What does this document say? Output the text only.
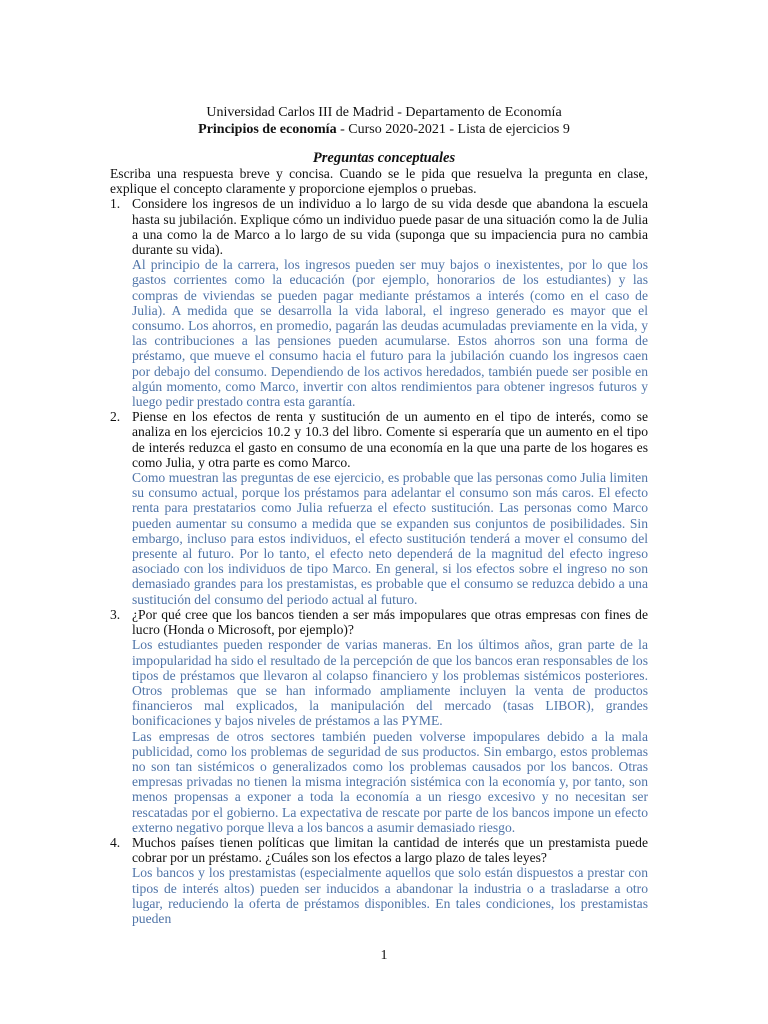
Universidad Carlos III de Madrid - Departamento de Economía
Principios de economía - Curso 2020-2021 - Lista de ejercicios 9
Preguntas conceptuales

Escriba una respuesta breve y concisa. Cuando se le pida que resuelva la pregunta en clase, explique el concepto claramente y proporcione ejemplos o pruebas.

1. Considere los ingresos de un individuo a lo largo de su vida desde que abandona la escuela hasta su jubilación. Explique cómo un individuo puede pasar de una situación como la de Julia a una como la de Marco a lo largo de su vida (suponga que su impaciencia pura no cambia durante su vida).

Al principio de la carrera, los ingresos pueden ser muy bajos o inexistentes, por lo que los gastos corrientes como la educación (por ejemplo, honorarios de los estudiantes) y las compras de viviendas se pueden pagar mediante préstamos a interés (como en el caso de Julia). A medida que se desarrolla la vida laboral, el ingreso generado es mayor que el consumo. Los ahorros, en promedio, pagarán las deudas acumuladas previamente en la vida, y las contribuciones a las pensiones pueden acumularse. Estos ahorros son una forma de préstamo, que mueve el consumo hacia el futuro para la jubilación cuando los ingresos caen por debajo del consumo. Dependiendo de los activos heredados, también puede ser posible en algún momento, como Marco, invertir con altos rendimientos para obtener ingresos futuros y luego pedir prestado contra esta garantía.

2. Piense en los efectos de renta y sustitución de un aumento en el tipo de interés, como se analiza en los ejercicios 10.2 y 10.3 del libro. Comente si esperaría que un aumento en el tipo de interés reduzca el gasto en consumo de una economía en la que una parte de los hogares es como Julia, y otra parte es como Marco.

Como muestran las preguntas de ese ejercicio, es probable que las personas como Julia limiten su consumo actual, porque los préstamos para adelantar el consumo son más caros. El efecto renta para prestatarios como Julia refuerza el efecto sustitución. Las personas como Marco pueden aumentar su consumo a medida que se expanden sus conjuntos de posibilidades. Sin embargo, incluso para estos individuos, el efecto sustitución tenderá a mover el consumo del presente al futuro. Por lo tanto, el efecto neto dependerá de la magnitud del efecto ingreso asociado con los individuos de tipo Marco. En general, si los efectos sobre el ingreso no son demasiado grandes para los prestamistas, es probable que el consumo se reduzca debido a una sustitución del consumo del periodo actual al futuro.

3. ¿Por qué cree que los bancos tienden a ser más impopulares que otras empresas con fines de lucro (Honda o Microsoft, por ejemplo)?

Los estudiantes pueden responder de varias maneras. En los últimos años, gran parte de la impopularidad ha sido el resultado de la percepción de que los bancos eran responsables de los tipos de préstamos que llevaron al colapso financiero y los problemas sistémicos posteriores. Otros problemas que se han informado ampliamente incluyen la venta de productos financieros mal explicados, la manipulación del mercado (tasas LIBOR), grandes bonificaciones y bajos niveles de préstamos a las PYME.

Las empresas de otros sectores también pueden volverse impopulares debido a la mala publicidad, como los problemas de seguridad de sus productos. Sin embargo, estos problemas no son tan sistémicos o generalizados como los problemas causados por los bancos. Otras empresas privadas no tienen la misma integración sistémica con la economía y, por tanto, son menos propensas a exponer a toda la economía a un riesgo excesivo y no necesitan ser rescatadas por el gobierno. La expectativa de rescate por parte de los bancos impone un efecto externo negativo porque lleva a los bancos a asumir demasiado riesgo.

4. Muchos países tienen políticas que limitan la cantidad de interés que un prestamista puede cobrar por un préstamo. ¿Cuáles son los efectos a largo plazo de tales leyes?

Los bancos y los prestamistas (especialmente aquellos que solo están dispuestos a prestar con tipos de interés altos) pueden ser inducidos a abandonar la industria o a trasladarse a otro lugar, reduciendo la oferta de préstamos disponibles. En tales condiciones, los prestamistas pueden

1
